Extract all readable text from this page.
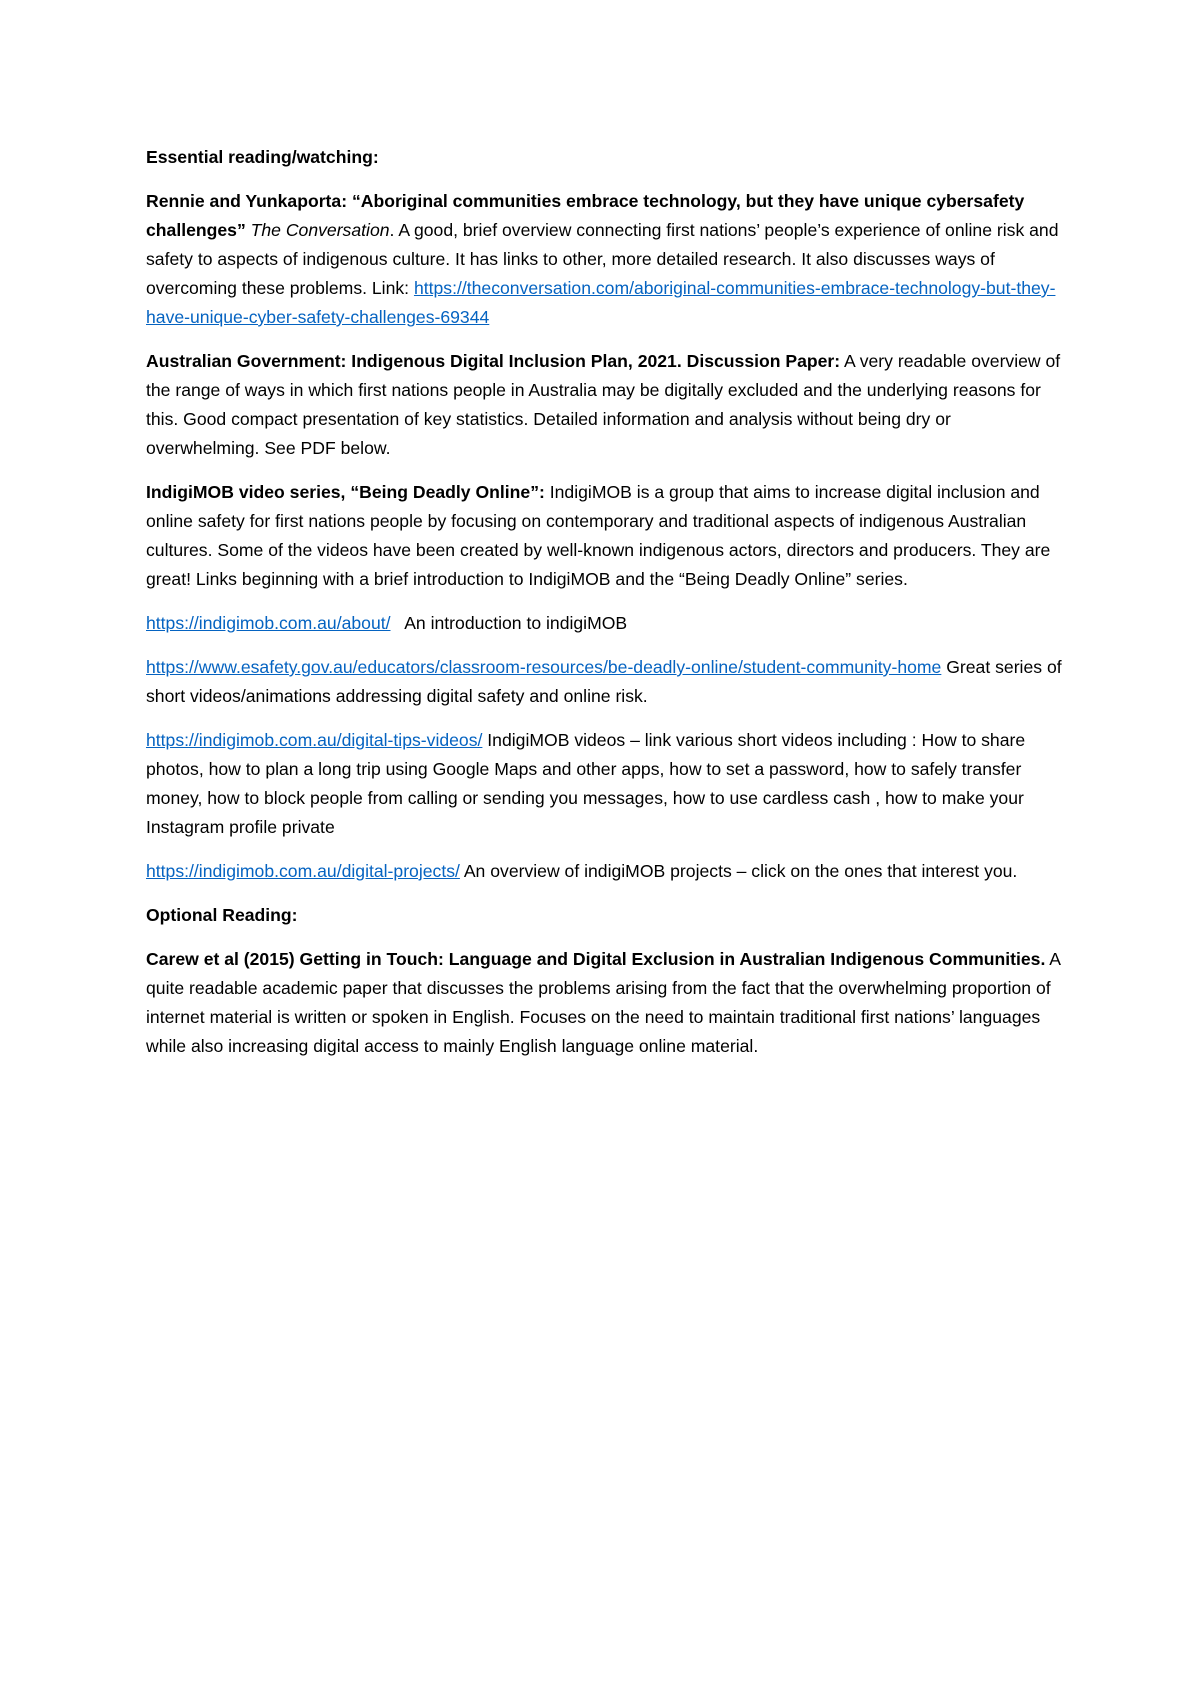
Essential reading/watching:

Rennie and Yunkaporta: “Aboriginal communities embrace technology, but they have unique cybersafety challenges” The Conversation. A good, brief overview connecting first nations’ people’s experience of online risk and safety to aspects of indigenous culture. It has links to other, more detailed research. It also discusses ways of overcoming these problems. Link: https://theconversation.com/aboriginal-communities-embrace-technology-but-they-have-unique-cyber-safety-challenges-69344

Australian Government: Indigenous Digital Inclusion Plan, 2021. Discussion Paper: A very readable overview of the range of ways in which first nations people in Australia may be digitally excluded and the underlying reasons for this. Good compact presentation of key statistics. Detailed information and analysis without being dry or overwhelming. See PDF below.

IndigiMOB video series, “Being Deadly Online”: IndigiMOB is a group that aims to increase digital inclusion and online safety for first nations people by focusing on contemporary and traditional aspects of indigenous Australian cultures. Some of the videos have been created by well-known indigenous actors, directors and producers. They are great! Links beginning with a brief introduction to IndigiMOB and the “Being Deadly Online” series.

https://indigimob.com.au/about/   An introduction to indigiMOB

https://www.esafety.gov.au/educators/classroom-resources/be-deadly-online/student-community-home Great series of short videos/animations addressing digital safety and online risk.

https://indigimob.com.au/digital-tips-videos/ IndigiMOB videos – link various short videos including : How to share photos, how to plan a long trip using Google Maps and other apps, how to set a password, how to safely transfer money, how to block people from calling or sending you messages, how to use cardless cash , how to make your Instagram profile private

https://indigimob.com.au/digital-projects/ An overview of indigiMOB projects – click on the ones that interest you.

Optional Reading:

Carew et al (2015) Getting in Touch: Language and Digital Exclusion in Australian Indigenous Communities. A quite readable academic paper that discusses the problems arising from the fact that the overwhelming proportion of internet material is written or spoken in English. Focuses on the need to maintain traditional first nations’ languages while also increasing digital access to mainly English language online material.
